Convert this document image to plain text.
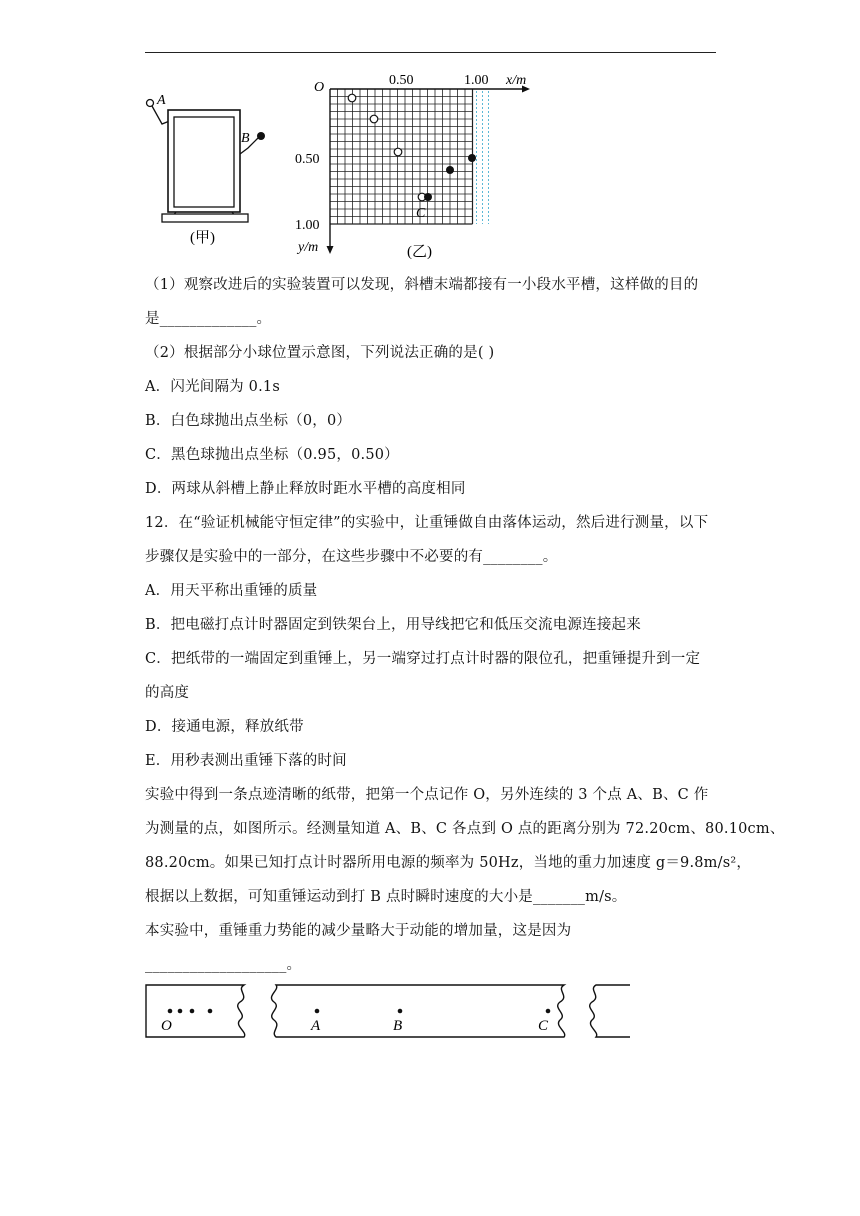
A
B
(甲)
O	0.50	1.00 x/m
0.50
1.00
y/m
C
(乙)
（1）观察改进后的实验装置可以发现，斜槽末端都接有一小段水平槽，这样做的目的
是_____________。
（2）根据部分小球位置示意图，下列说法正确的是( )
A．闪光间隔为 0.1s
B．白色球抛出点坐标（0，0）
C．黑色球抛出点坐标（0.95，0.50）
D．两球从斜槽上静止释放时距水平槽的高度相同
12．在“验证机械能守恒定律”的实验中，让重锤做自由落体运动，然后进行测量，以下
步骤仅是实验中的一部分，在这些步骤中不必要的有________。
A．用天平称出重锤的质量
B．把电磁打点计时器固定到铁架台上，用导线把它和低压交流电源连接起来
C．把纸带的一端固定到重锤上，另一端穿过打点计时器的限位孔，把重锤提升到一定
的高度
D．接通电源，释放纸带
E．用秒表测出重锤下落的时间
实验中得到一条点迹清晰的纸带，把第一个点记作 O，另外连续的 3 个点 A、B、C 作
为测量的点，如图所示。经测量知道 A、B、C 各点到 O 点的距离分别为 72.20cm、80.10cm、
88.20cm。如果已知打点计时器所用电源的频率为 50Hz，当地的重力加速度 g＝9.8m/s²，
根据以上数据，可知重锤运动到打 B 点时瞬时速度的大小是_______m/s。
本实验中，重锤重力势能的减少量略大于动能的增加量，这是因为
___________________。
O	A	B	C
